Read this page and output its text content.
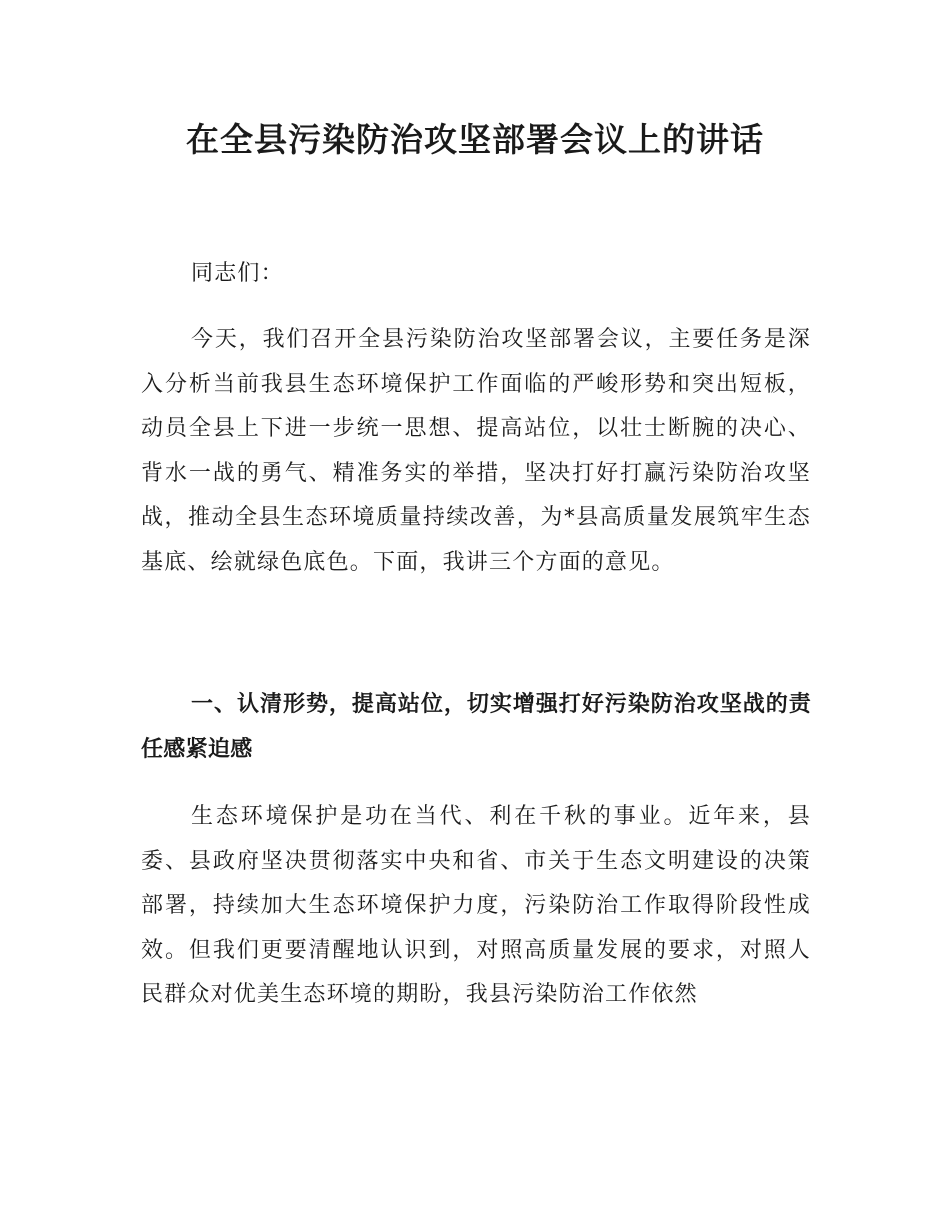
在全县污染防治攻坚部署会议上的讲话

同志们：

今天，我们召开全县污染防治攻坚部署会议，主要任务是深入分析当前我县生态环境保护工作面临的严峻形势和突出短板，动员全县上下进一步统一思想、提高站位，以壮士断腕的决心、背水一战的勇气、精准务实的举措，坚决打好打赢污染防治攻坚战，推动全县生态环境质量持续改善，为*县高质量发展筑牢生态基底、绘就绿色底色。下面，我讲三个方面的意见。

一、认清形势，提高站位，切实增强打好污染防治攻坚战的责任感紧迫感

生态环境保护是功在当代、利在千秋的事业。近年来，县委、县政府坚决贯彻落实中央和省、市关于生态文明建设的决策部署，持续加大生态环境保护力度，污染防治工作取得阶段性成效。但我们更要清醒地认识到，对照高质量发展的要求，对照人民群众对优美生态环境的期盼，我县污染防治工作依然
